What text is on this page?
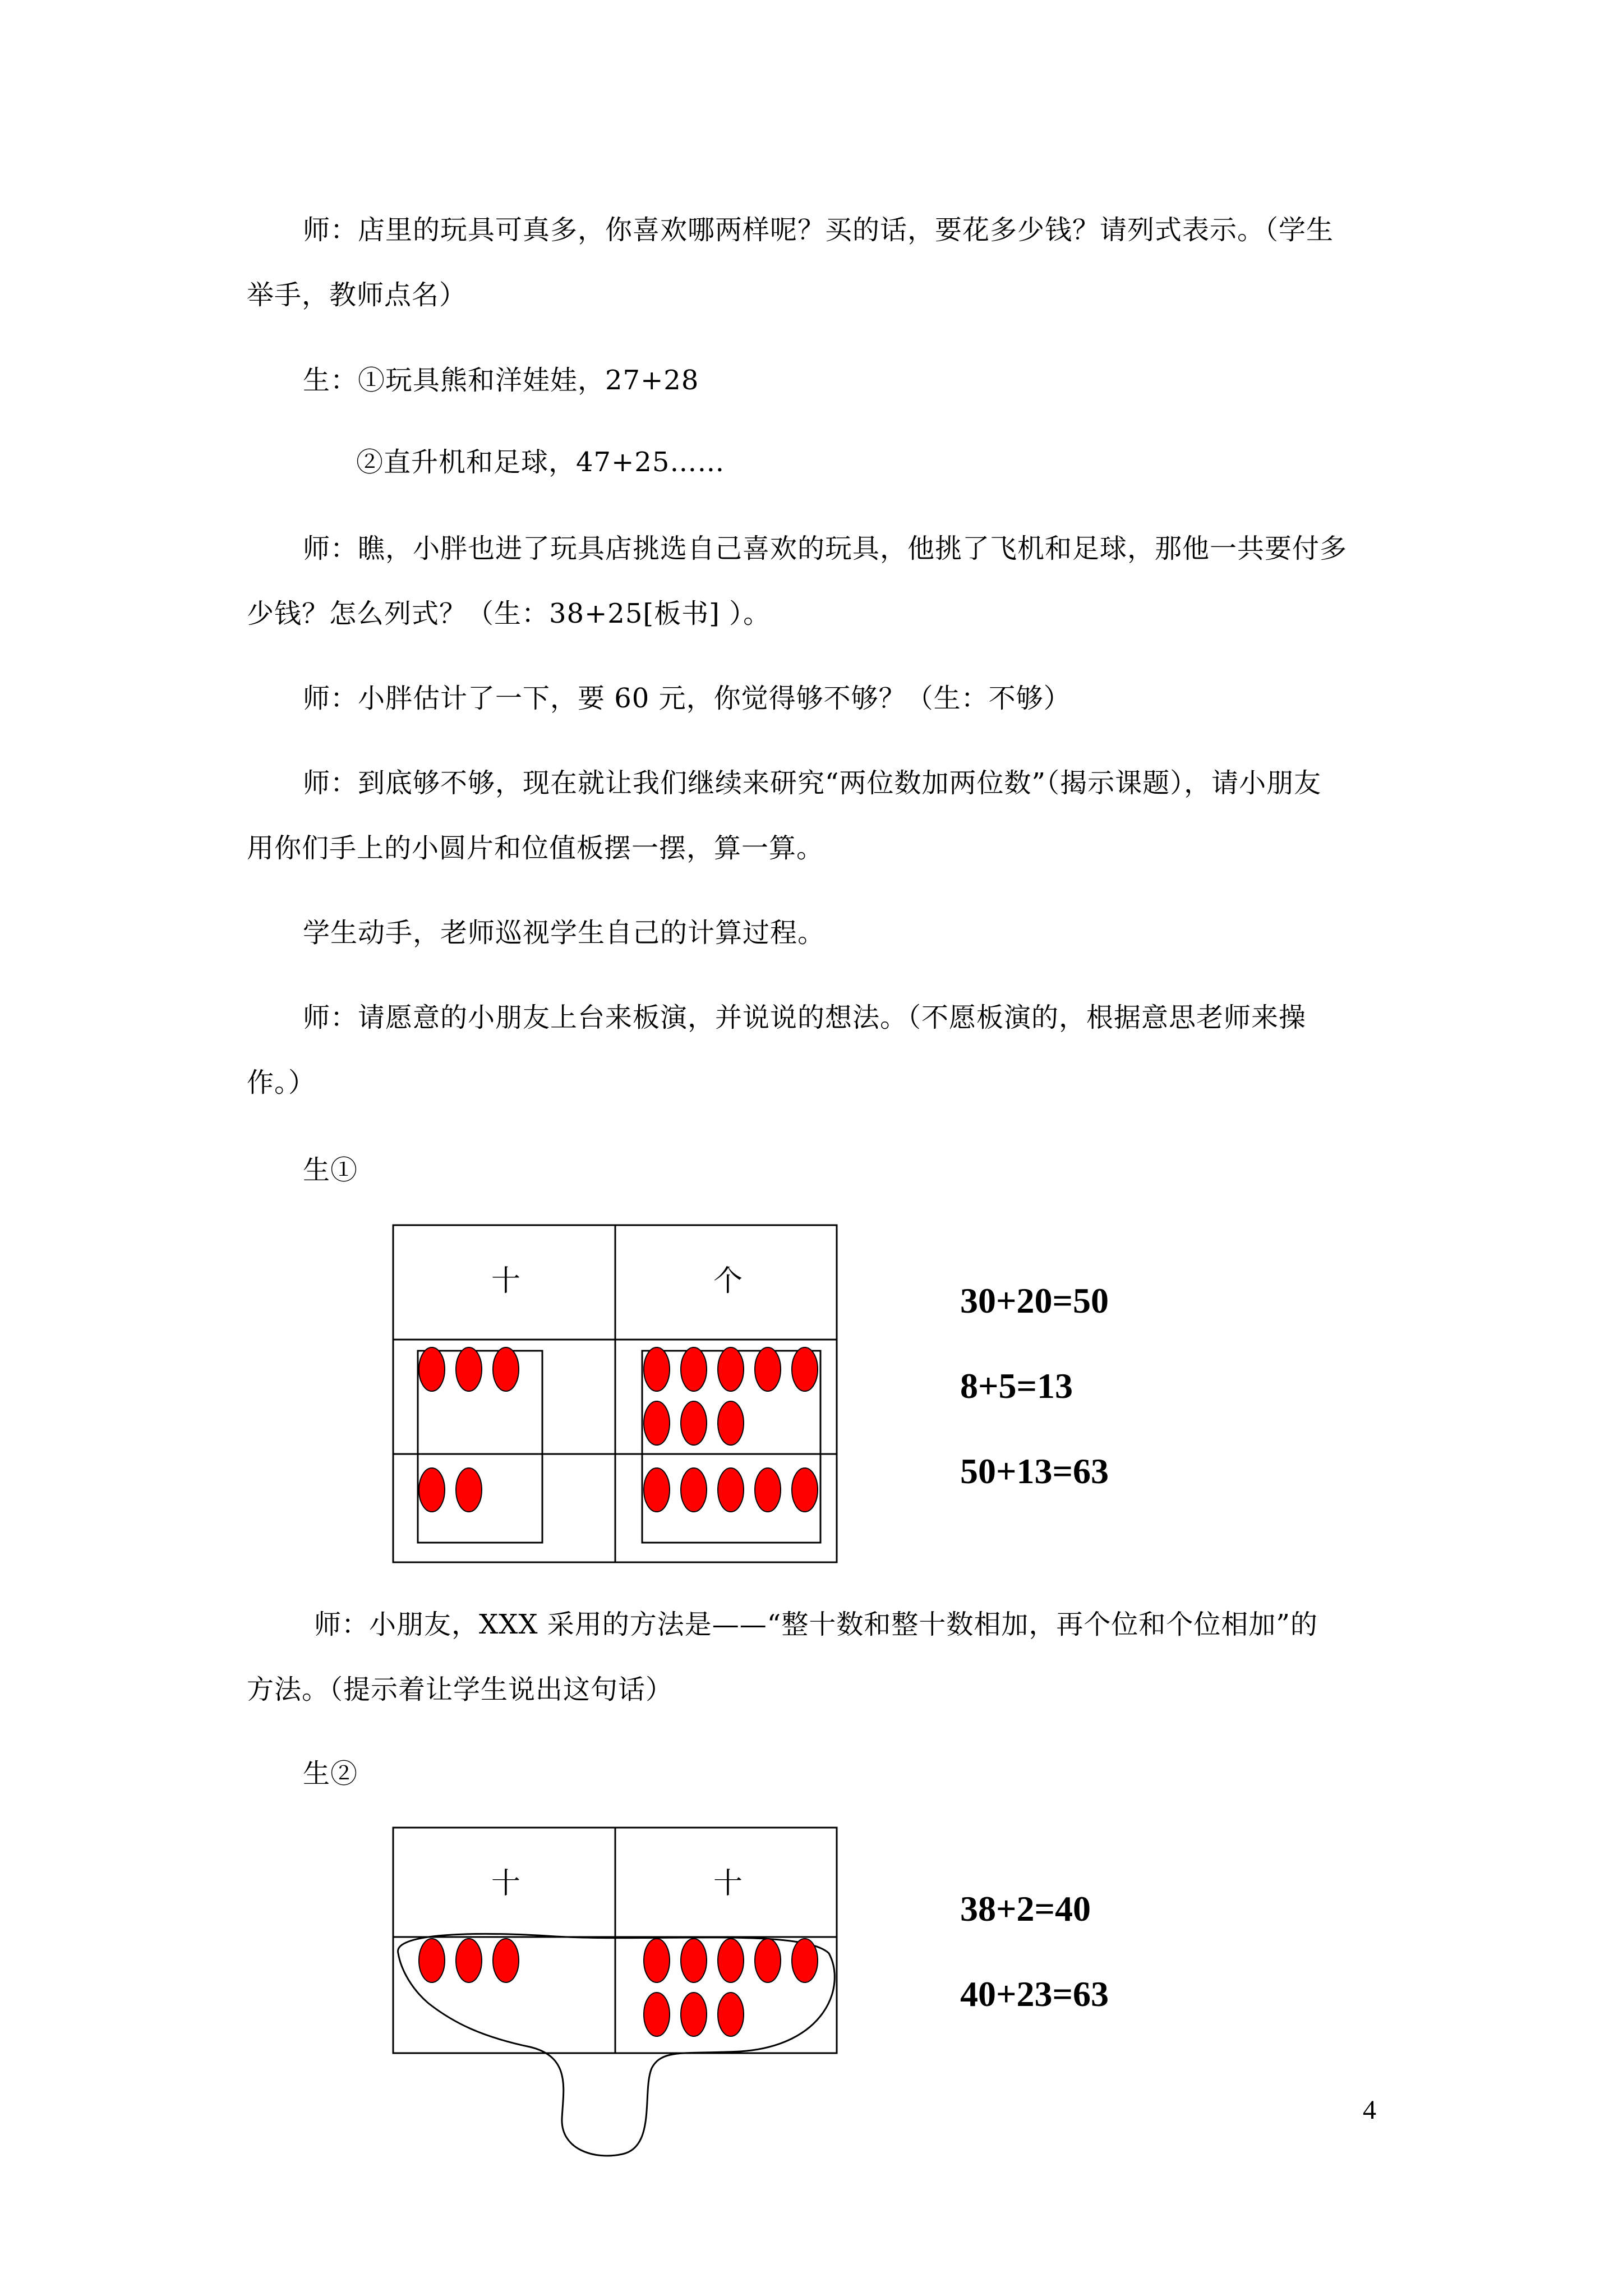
师：店里的玩具可真多，你喜欢哪两样呢？买的话，要花多少钱？请列式表示。（学生
举手，教师点名）
生：①玩具熊和洋娃娃，27+28
②直升机和足球，47+25……
师：瞧，小胖也进了玩具店挑选自己喜欢的玩具，他挑了飞机和足球，那他一共要付多
少钱？怎么列式？（生：38+25[板书] ）。
师：小胖估计了一下，要 60 元，你觉得够不够？（生：不够）
师：到底够不够，现在就让我们继续来研究“两位数加两位数”（揭示课题），请小朋友
用你们手上的小圆片和位值板摆一摆，算一算。
学生动手，老师巡视学生自己的计算过程。
师：请愿意的小朋友上台来板演，并说说的想法。（不愿板演的，根据意思老师来操
作。）
生①
十	个	30+20=50
8+5=13
50+13=63
师：小朋友，XXX 采用的方法是——“整十数和整十数相加，再个位和个位相加”的
方法。（提示着让学生说出这句话）
生②
十	十
38+2=40
40+23=63
4
